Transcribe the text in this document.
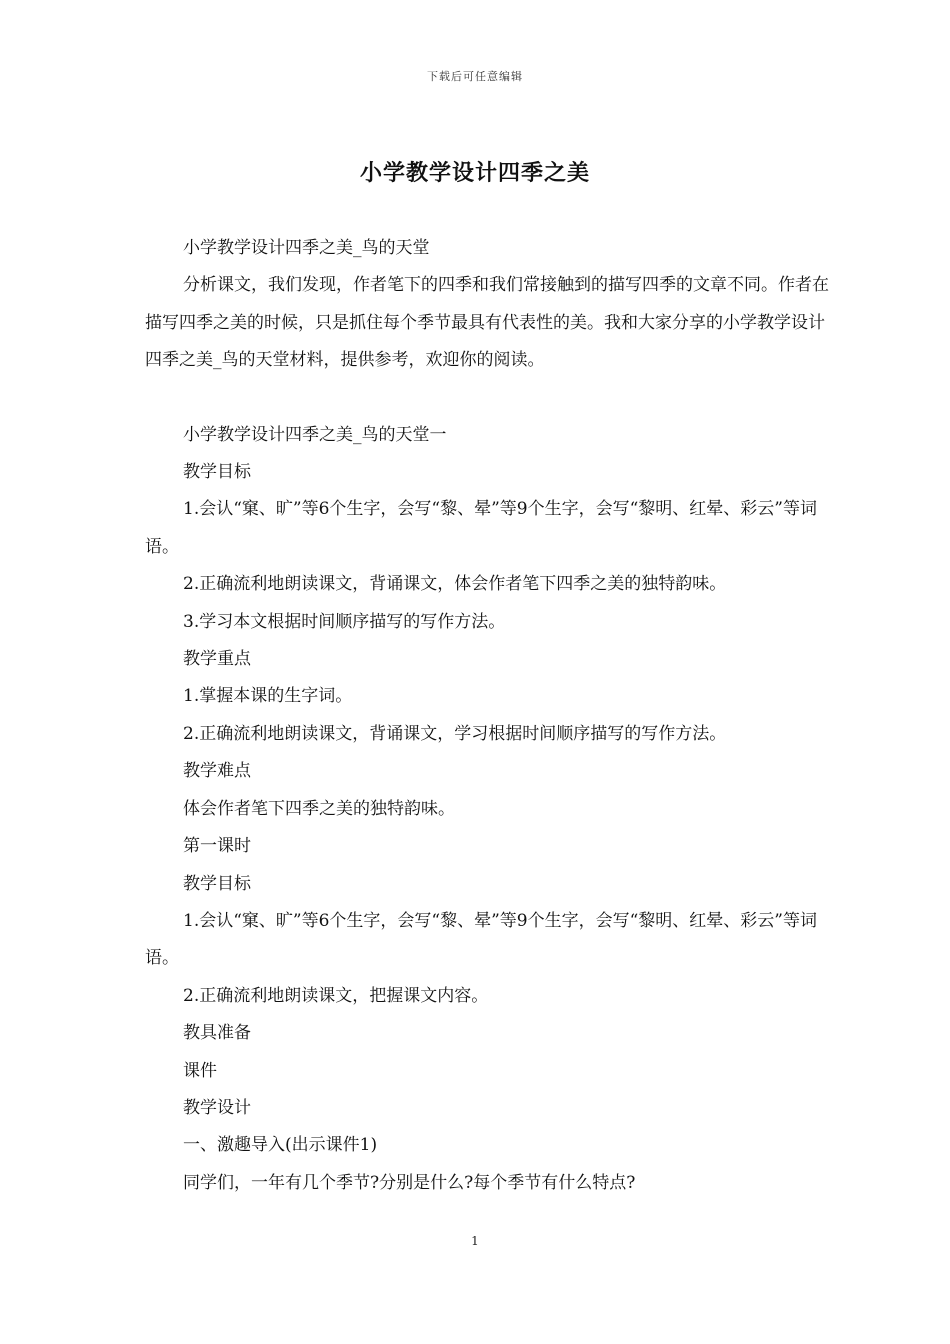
下载后可任意编辑
小学教学设计四季之美

小学教学设计四季之美_鸟的天堂

分析课文，我们发现，作者笔下的四季和我们常接触到的描写四季的文章不同。作者在描写四季之美的时候，只是抓住每个季节最具有代表性的美。我和大家分享的小学教学设计四季之美_鸟的天堂材料，提供参考，欢迎你的阅读。

小学教学设计四季之美_鸟的天堂一

教学目标

1.会认“窠、旷”等6个生字，会写“黎、晕”等9个生字，会写“黎明、红晕、彩云”等词语。

2.正确流利地朗读课文，背诵课文，体会作者笔下四季之美的独特韵味。

3.学习本文根据时间顺序描写的写作方法。

教学重点

1.掌握本课的生字词。

2.正确流利地朗读课文，背诵课文，学习根据时间顺序描写的写作方法。

教学难点

体会作者笔下四季之美的独特韵味。

第一课时

教学目标

1.会认“窠、旷”等6个生字，会写“黎、晕”等9个生字，会写“黎明、红晕、彩云”等词语。

2.正确流利地朗读课文，把握课文内容。

教具准备

课件

教学设计

一、激趣导入(出示课件1)

同学们，一年有几个季节?分别是什么?每个季节有什么特点?

1
